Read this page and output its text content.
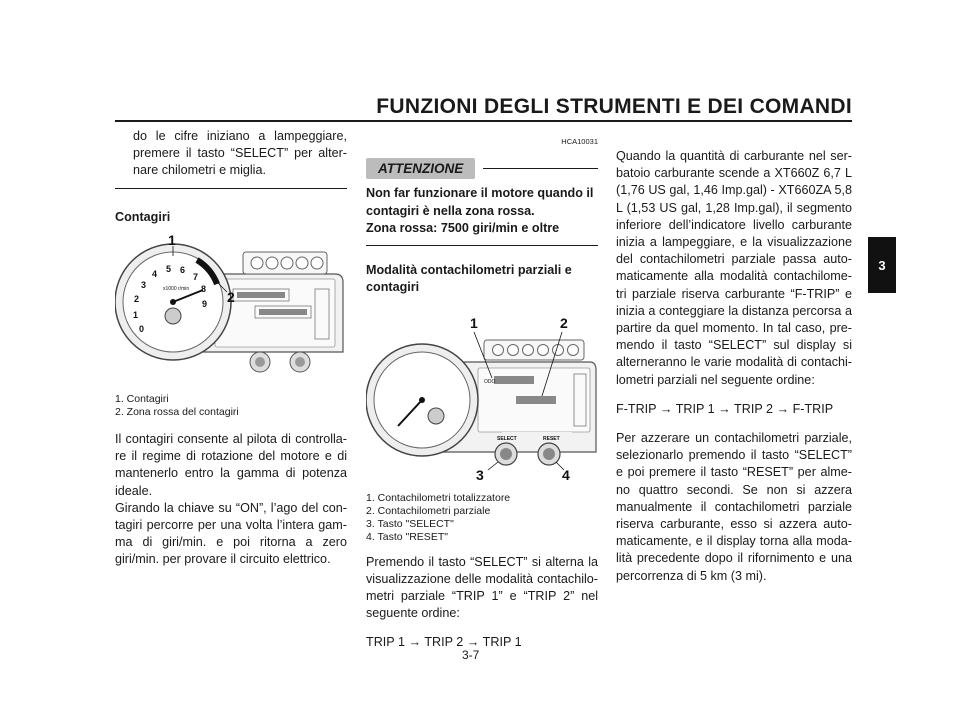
FUNZIONI DEGLI STRUMENTI E DEI COMANDI
3

do le cifre iniziano a lampeggiare, premere il tasto “SELECT” per alter- nare chilometri e miglia.

Contagiri
0
1
2
3
4 5 6
7
8
9
x1000 r/min
1
2
1. Contagiri
2. Zona rossa del contagiri

Il contagiri consente al pilota di controlla- re il regime di rotazione del motore e di mantenerlo entro la gamma di potenza ideale.

Girando la chiave su “ON”, l’ago del con- tagiri percorre per una volta l’intera gam- ma di giri/min. e poi ritorna a zero giri/min. per provare il circuito elettrico.

HCA10031
ATTENZIONE

Non far funzionare il motore quando il contagiri è nella zona rossa.

Zona rossa: 7500 giri/min e oltre

Modalità contachilometri parziali e contagiri
ODO
SELECT	RESET
1	2
3	4
1. Contachilometri totalizzatore
2. Contachilometri parziale
3. Tasto "SELECT"
4. Tasto "RESET"

Premendo il tasto “SELECT” si alterna la visualizzazione delle modalità contachilo- metri parziale “TRIP 1” e “TRIP 2” nel seguente ordine:

TRIP 1 → TRIP 2 → TRIP 1

Quando la quantità di carburante nel ser- batoio carburante scende a XT660Z 6,7 L (1,76 US gal, 1,46 Imp.gal) - XT660ZA 5,8 L (1,53 US gal, 1,28 Imp.gal), il segmento inferiore dell’indicatore livello carburante inizia a lampeggiare, e la visualizzazione del contachilometri parziale passa auto- maticamente alla modalità contachilome- tri parziale riserva carburante “F-TRIP” e inizia a conteggiare la distanza percorsa a partire da quel momento. In tal caso, pre- mendo il tasto “SELECT” sul display si alterneranno le varie modalità di contachi- lometri parziali nel seguente ordine:

F-TRIP → TRIP 1 → TRIP 2 → F-TRIP

Per azzerare un contachilometri parziale, selezionarlo premendo il tasto “SELECT” e poi premere il tasto “RESET” per alme- no quattro secondi. Se non si azzera manualmente il contachilometri parziale riserva carburante, esso si azzera auto- maticamente, e il display torna alla moda- lità precedente dopo il rifornimento e una percorrenza di 5 km (3 mi).

3-7
